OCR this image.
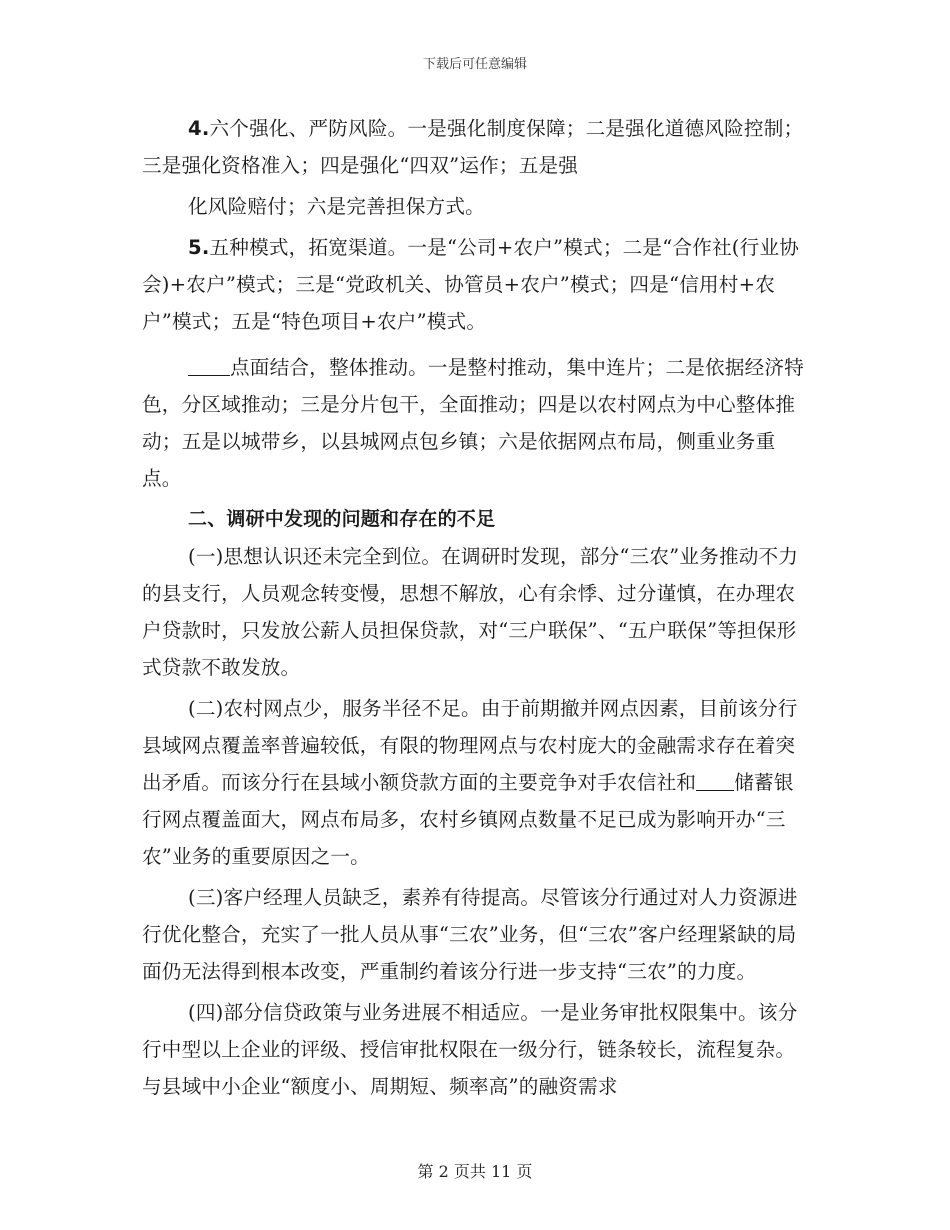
下载后可任意编辑

4.六个强化、严防风险。一是强化制度保障；二是强化道德风险控制；三是强化资格准入；四是强化“四双”运作；五是强

化风险赔付；六是完善担保方式。

5.五种模式，拓宽渠道。一是“公司+农户”模式；二是“合作社(行业协会)+农户”模式；三是“党政机关、协管员+农户”模式；四是“信用村+农户”模式；五是“特色项目+农户”模式。

点面结合，整体推动。一是整村推动，集中连片；二是依据经济特色，分区域推动；三是分片包干，全面推动；四是以农村网点为中心整体推动；五是以城带乡，以县城网点包乡镇；六是依据网点布局，侧重业务重点。

二、调研中发现的问题和存在的不足

(一)思想认识还未完全到位。在调研时发现，部分“三农”业务推动不力的县支行，人员观念转变慢，思想不解放，心有余悸、过分谨慎，在办理农户贷款时，只发放公薪人员担保贷款，对“三户联保”、“五户联保”等担保形式贷款不敢发放。

(二)农村网点少，服务半径不足。由于前期撤并网点因素，目前该分行县域网点覆盖率普遍较低，有限的物理网点与农村庞大的金融需求存在着突出矛盾。而该分行在县域小额贷款方面的主要竞争对手农信社和 储蓄银行网点覆盖面大，网点布局多，农村乡镇网点数量不足已成为影响开办“三农”业务的重要原因之一。

(三)客户经理人员缺乏，素养有待提高。尽管该分行通过对人力资源进行优化整合，充实了一批人员从事“三农”业务，但“三农”客户经理紧缺的局面仍无法得到根本改变，严重制约着该分行进一步支持“三农”的力度。

(四)部分信贷政策与业务进展不相适应。一是业务审批权限集中。该分行中型以上企业的评级、授信审批权限在一级分行，链条较长，流程复杂。与县域中小企业“额度小、周期短、频率高”的融资需求

第 2 页共 11 页
